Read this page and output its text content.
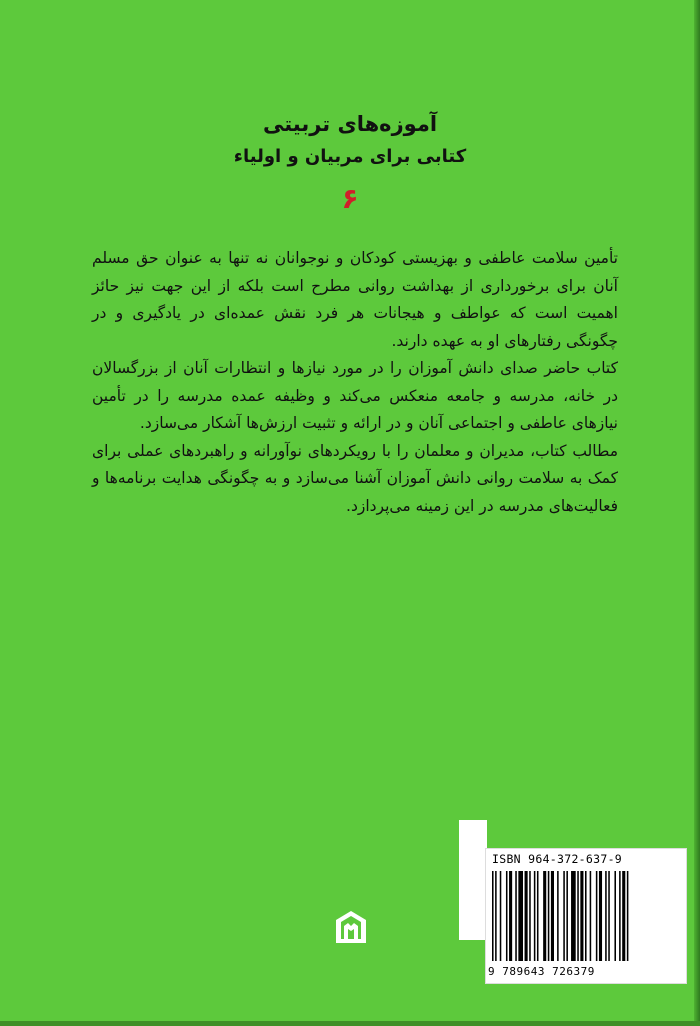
آموزه‌های تربیتی
کتابی برای مربیان و اولیاء
۶

تأمین سلامت عاطفی و بهزیستی کودکان و نوجوانان نه تنها به عنوان حق مسلم آنان برای برخورداری از بهداشت روانی مطرح است بلکه از این جهت نیز حائز اهمیت است که عواطف و هیجانات هر فرد نقش عمده‌ای در یادگیری و در چگونگی رفتارهای او به عهده دارند.

کتاب حاضر صدای دانش آموزان را در مورد نیازها و انتظارات آنان از بزرگسالان در خانه، مدرسه و جامعه منعکس می‌کند و وظیفه عمده مدرسه را در تأمین نیازهای عاطفی و اجتماعی آنان و در ارائه و تثبیت ارزش‌ها آشکار می‌سازد.

مطالب کتاب، مدیران و معلمان را با رویکردهای نوآورانه و راهبردهای عملی برای کمک به سلامت روانی دانش آموزان آشنا می‌سازد و به چگونگی هدایت برنامه‌ها و فعالیت‌های مدرسه در این زمینه می‌پردازد.

ISBN 964-372-637-9
9 789643 726379
